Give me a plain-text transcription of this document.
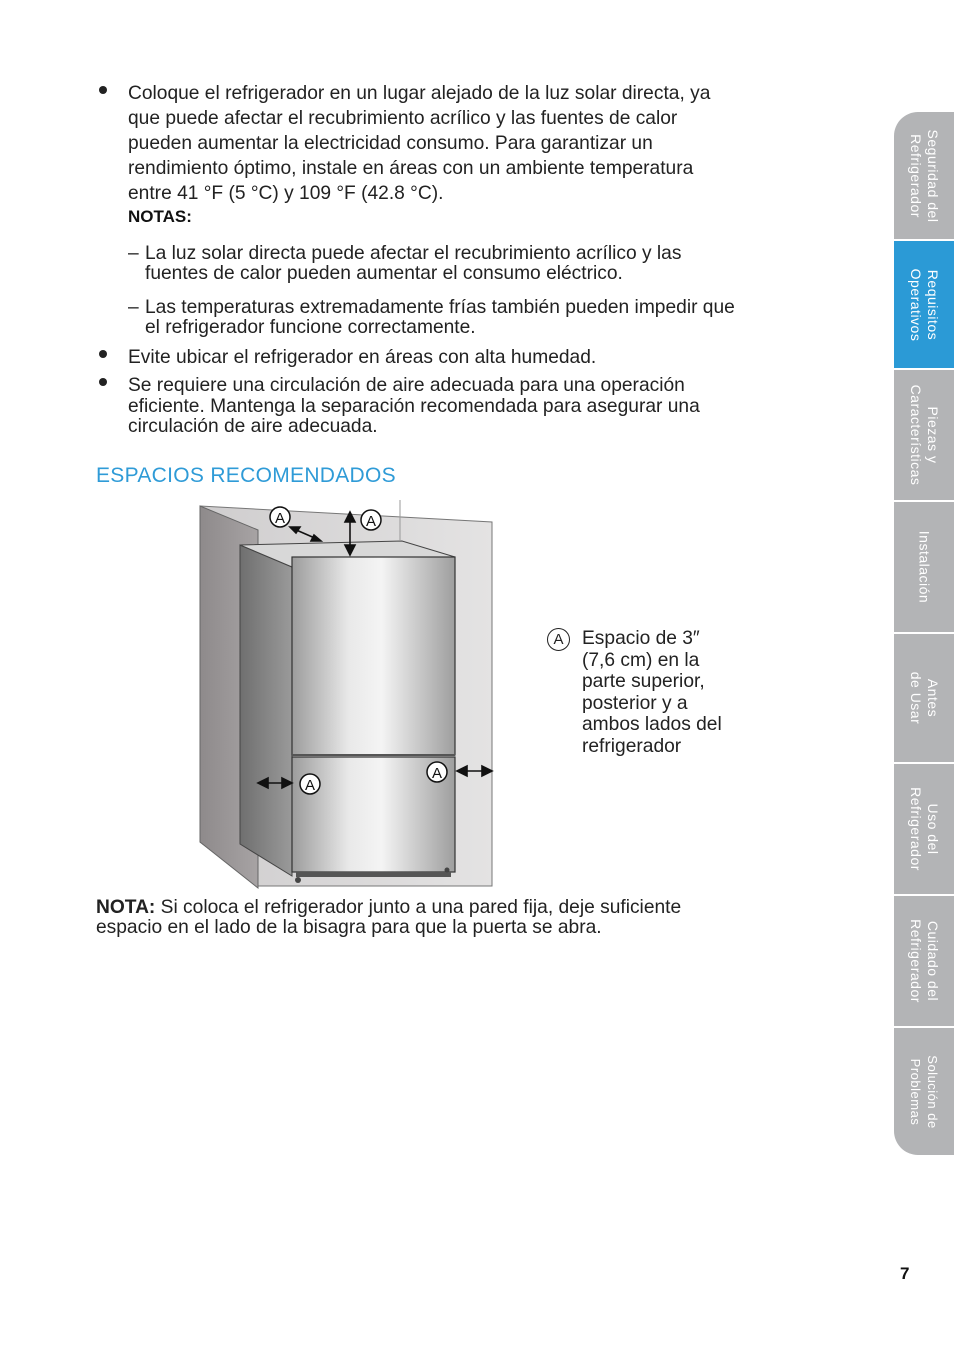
Coloque el refrigerador en un lugar alejado de la luz solar directa, ya
que puede afectar el recubrimiento acrílico y las fuentes de calor
pueden aumentar la electricidad consumo. Para garantizar un
rendimiento óptimo, instale en áreas con un ambiente temperatura
entre 41 °F (5 °C) y 109 °F (42.8 °C).
NOTAS:
– La luz solar directa puede afectar el recubrimiento acrílico y las
fuentes de calor pueden aumentar el consumo eléctrico.
– Las temperaturas extremadamente frías también pueden impedir que
el refrigerador funcione correctamente.
Evite ubicar el refrigerador en áreas con alta humedad.
Se requiere una circulación de aire adecuada para una operación
eficiente. Mantenga la separación recomendada para asegurar una
circulación de aire adecuada.
ESPACIOS RECOMENDADOS
A	A
A
A
A Espacio de 3″
(7,6 cm) en la
parte superior,
posterior y a
ambos lados del
refrigerador
NOTA: Si coloca el refrigerador junto a una pared fija, deje suficiente
espacio en el lado de la bisagra para que la puerta se abra.
Seguridad del
Refrigerador
Requisitos
Operativos
Piezas y
Características
Instalación
Antes
de Usar
Uso del
Refrigerador
Cuidado del
Refrigerador
Solución de
Problemas
7
